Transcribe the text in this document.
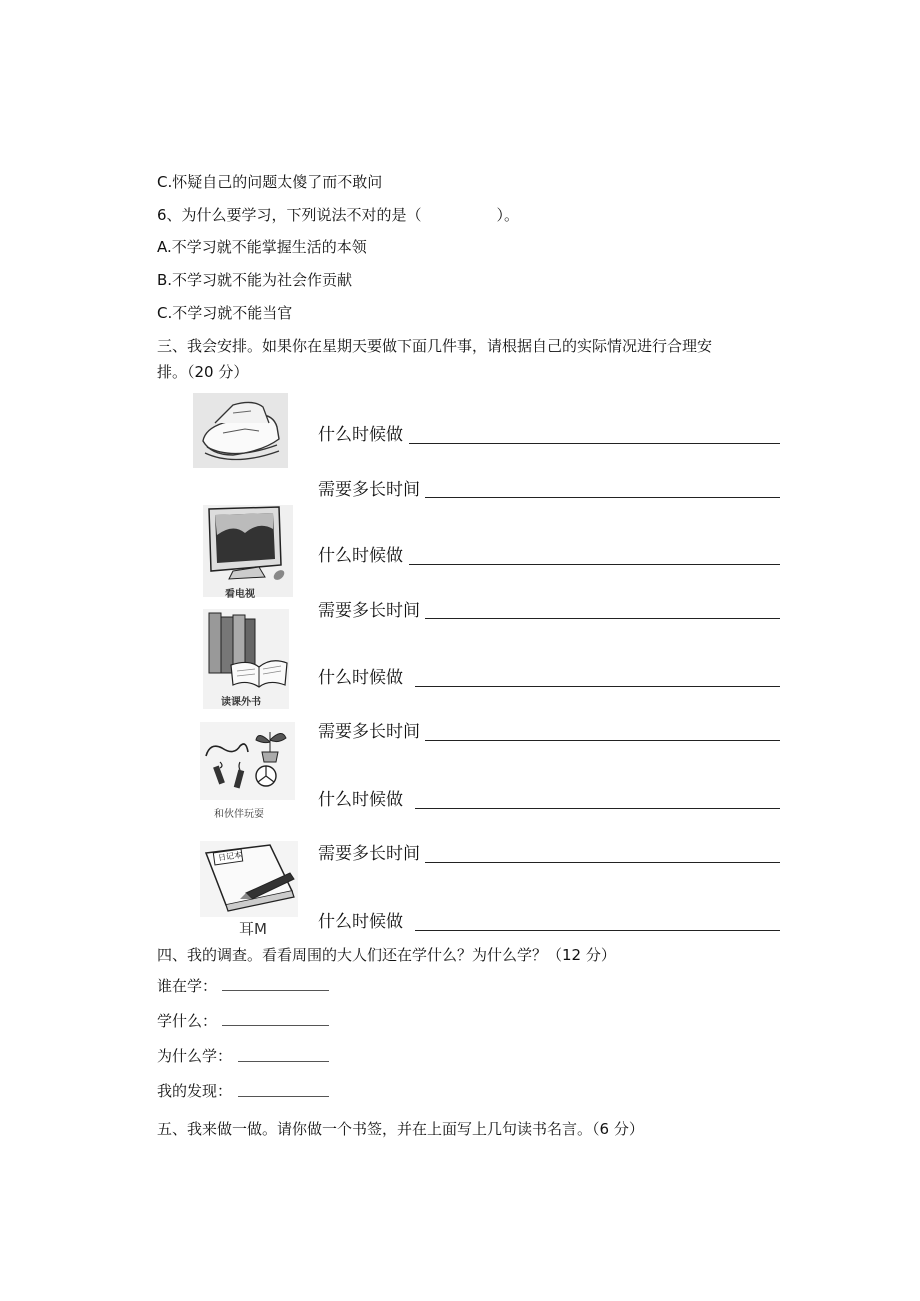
C.怀疑自己的问题太傻了而不敢问
6、为什么要学习，下列说法不对的是（　　　　　）。
A.不学习就不能掌握生活的本领
B.不学习就不能为社会作贡献
C.不学习就不能当官
三、我会安排。如果你在星期天要做下面几件事，请根据自己的实际情况进行合理安
排。（20 分）
什么时候做
需要多长时间
看电视
什么时候做
需要多长时间
读课外书
什么时候做
需要多长时间
和伙伴玩耍
什么时候做
需要多长时间
日记本
耳M	什么时候做
四、我的调查。看看周围的大人们还在学什么？为什么学？（12 分）
谁在学：
学什么：
为什么学：
我的发现：
五、我来做一做。请你做一个书签，并在上面写上几句读书名言。（6 分）
